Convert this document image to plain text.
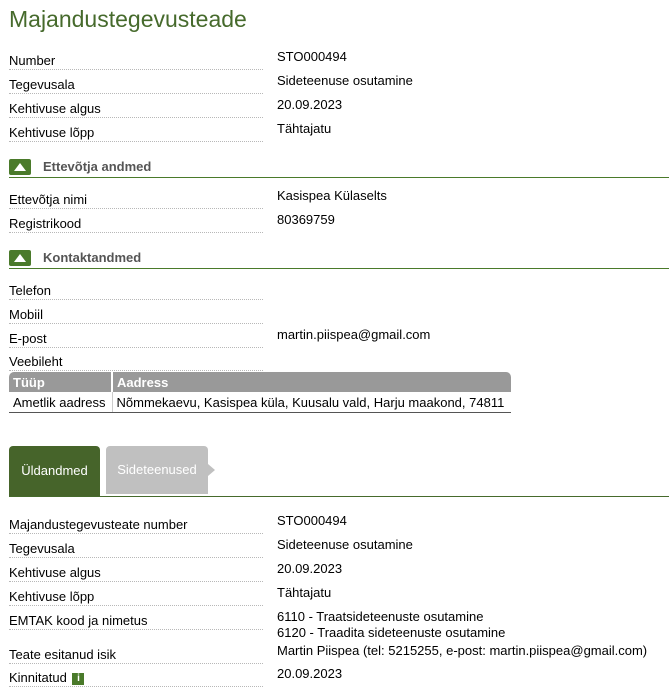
Majandustegevusteade
Number	STO000494
Tegevusala	Sideteenuse osutamine
Kehtivuse algus	20.09.2023
Kehtivuse lõpp	Tähtajatu
Ettevõtja andmed
Ettevõtja nimi	Kasispea Külaselts
Registrikood	80369759
Kontaktandmed
Telefon
Mobiil
E-post	martin.piispea@gmail.com
Veebileht
Tüüp	Aadress
Ametlik aadress	Nõmmekaevu, Kasispea küla, Kuusalu vald, Harju maakond, 74811
Üldandmed	Sideteenused
Majandustegevusteate number	STO000494
Tegevusala	Sideteenuse osutamine
Kehtivuse algus	20.09.2023
Kehtivuse lõpp	Tähtajatu
EMTAK kood ja nimetus	6110 - Traatsideteenuste osutamine
6120 - Traadita sideteenuste osutamine
Teate esitanud isik	Martin Piispea (tel: 5215255, e-post: martin.piispea@gmail.com)
Kinnitatud i	20.09.2023
